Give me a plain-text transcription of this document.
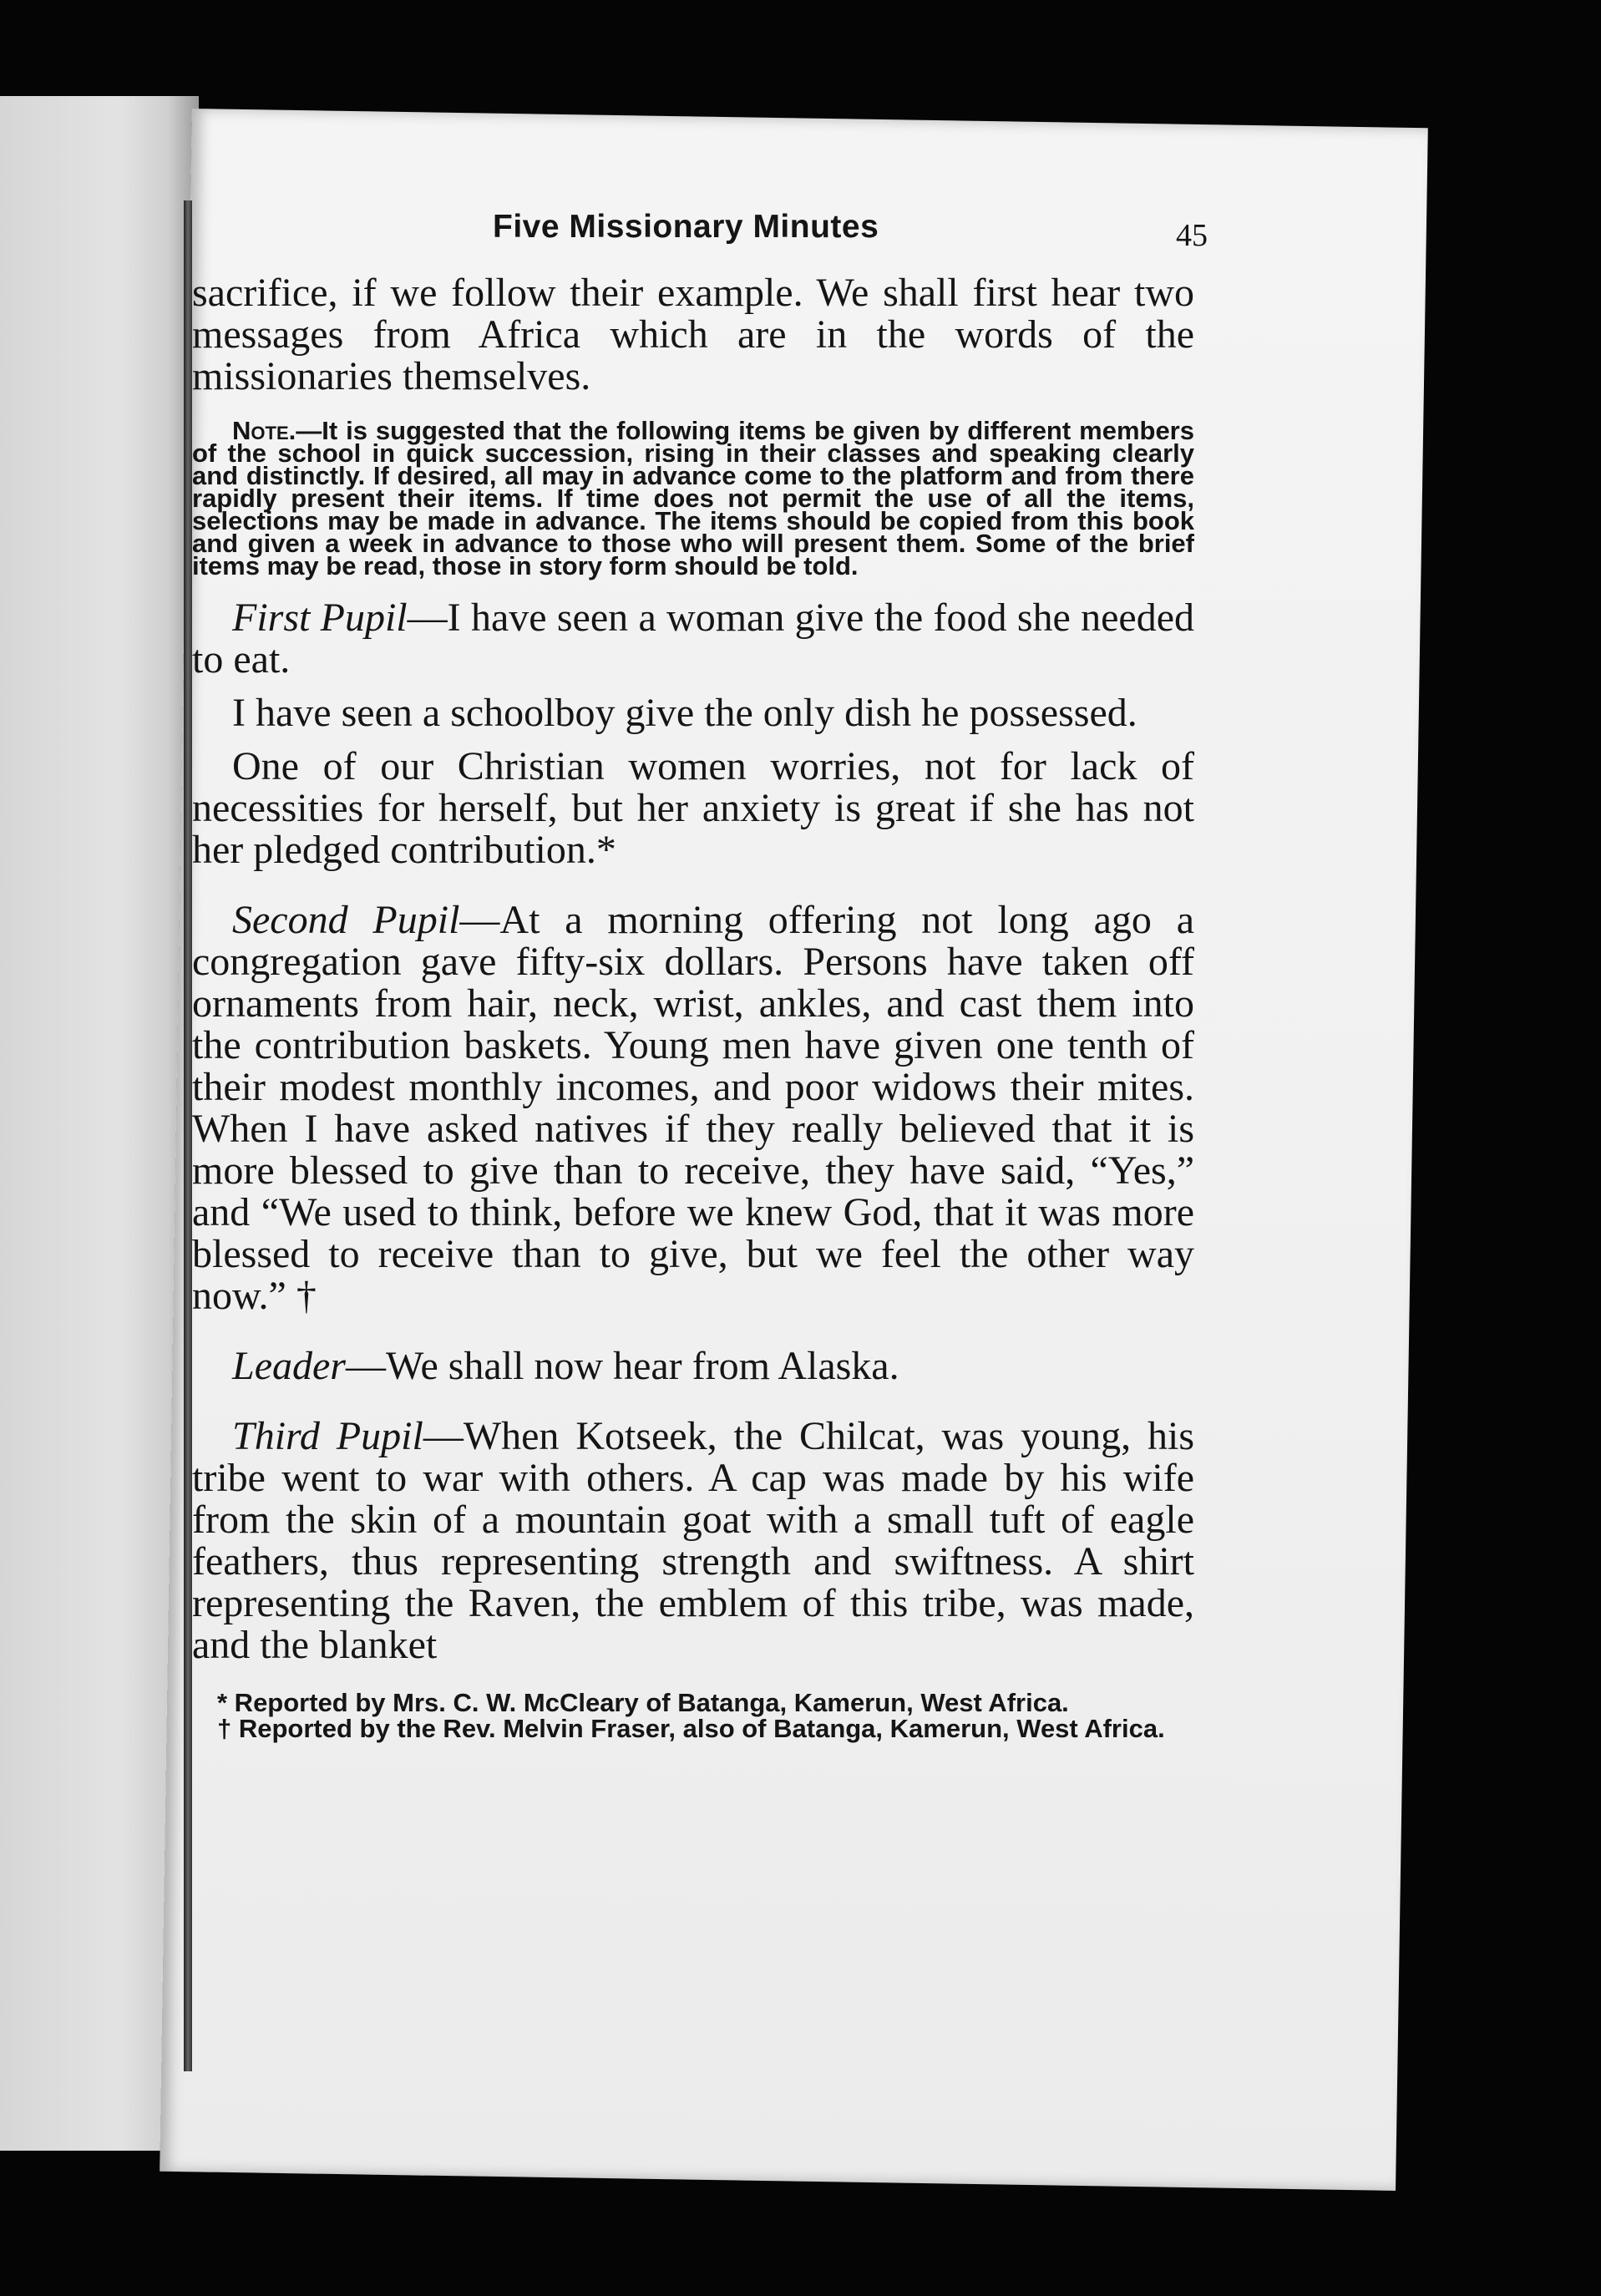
Five Missionary Minutes	45

sacrifice, if we follow their example. We shall first hear two messages from Africa which are in the words of the missionaries themselves.

Note.—It is suggested that the following items be given by different members of the school in quick succession, rising in their classes and speaking clearly and distinctly. If desired, all may in advance come to the platform and from there rapidly present their items. If time does not permit the use of all the items, selections may be made in advance. The items should be copied from this book and given a week in advance to those who will present them. Some of the brief items may be read, those in story form should be told.

First Pupil—I have seen a woman give the food she needed to eat.

I have seen a schoolboy give the only dish he possessed.

One of our Christian women worries, not for lack of necessities for herself, but her anxiety is great if she has not her pledged contribution.*

Second Pupil—At a morning offering not long ago a congregation gave fifty-six dollars. Persons have taken off ornaments from hair, neck, wrist, ankles, and cast them into the contribution baskets. Young men have given one tenth of their modest monthly incomes, and poor widows their mites. When I have asked natives if they really believed that it is more blessed to give than to receive, they have said, “Yes,” and “We used to think, before we knew God, that it was more blessed to receive than to give, but we feel the other way now.” †

Leader—We shall now hear from Alaska.

Third Pupil—When Kotseek, the Chilcat, was young, his tribe went to war with others. A cap was made by his wife from the skin of a mountain goat with a small tuft of eagle feathers, thus representing strength and swiftness. A shirt representing the Raven, the emblem of this tribe, was made, and the blanket

* Reported by Mrs. C. W. McCleary of Batanga, Kamerun, West Africa.

† Reported by the Rev. Melvin Fraser, also of Batanga, Kamerun, West Africa.
